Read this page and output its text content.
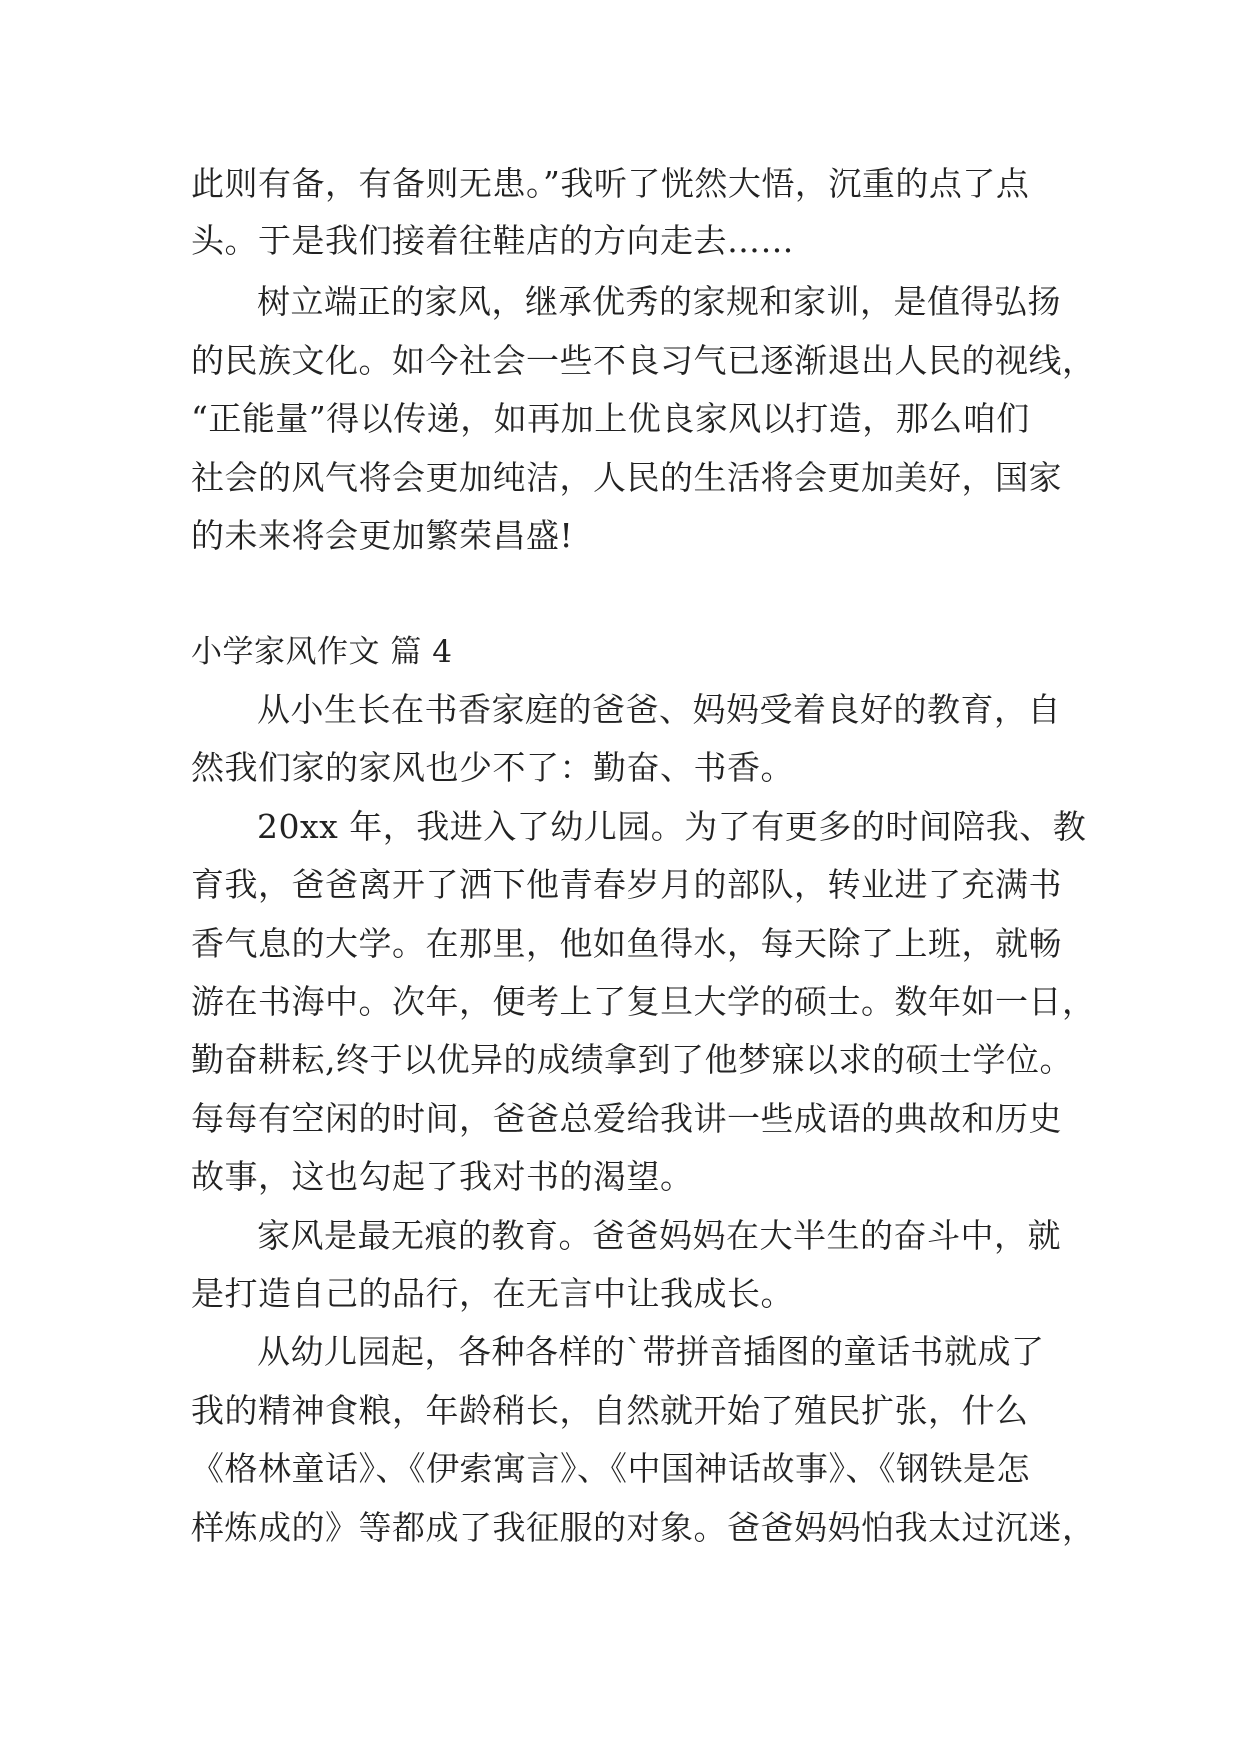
此则有备，有备则无患。”我听了恍然大悟，沉重的点了点
头。于是我们接着往鞋店的方向走去……
树立端正的家风，继承优秀的家规和家训，是值得弘扬
的民族文化。如今社会一些不良习气已逐渐退出人民的视线，
“正能量”得以传递，如再加上优良家风以打造，那么咱们
社会的风气将会更加纯洁，人民的生活将会更加美好，国家
的未来将会更加繁荣昌盛!
小学家风作文 篇 4
从小生长在书香家庭的爸爸、妈妈受着良好的教育，自
然我们家的家风也少不了：勤奋、书香。
20xx 年，我进入了幼儿园。为了有更多的时间陪我、教
育我，爸爸离开了洒下他青春岁月的部队，转业进了充满书
香气息的大学。在那里，他如鱼得水，每天除了上班，就畅
游在书海中。次年，便考上了复旦大学的硕士。数年如一日，
勤奋耕耘,终于以优异的成绩拿到了他梦寐以求的硕士学位。
每每有空闲的时间，爸爸总爱给我讲一些成语的典故和历史
故事，这也勾起了我对书的渴望。
家风是最无痕的教育。爸爸妈妈在大半生的奋斗中，就
是打造自己的品行，在无言中让我成长。
从幼儿园起，各种各样的`带拼音插图的童话书就成了
我的精神食粮，年龄稍长，自然就开始了殖民扩张，什么
《格林童话》、《伊索寓言》、《中国神话故事》、《钢铁是怎
样炼成的》等都成了我征服的对象。爸爸妈妈怕我太过沉迷，
